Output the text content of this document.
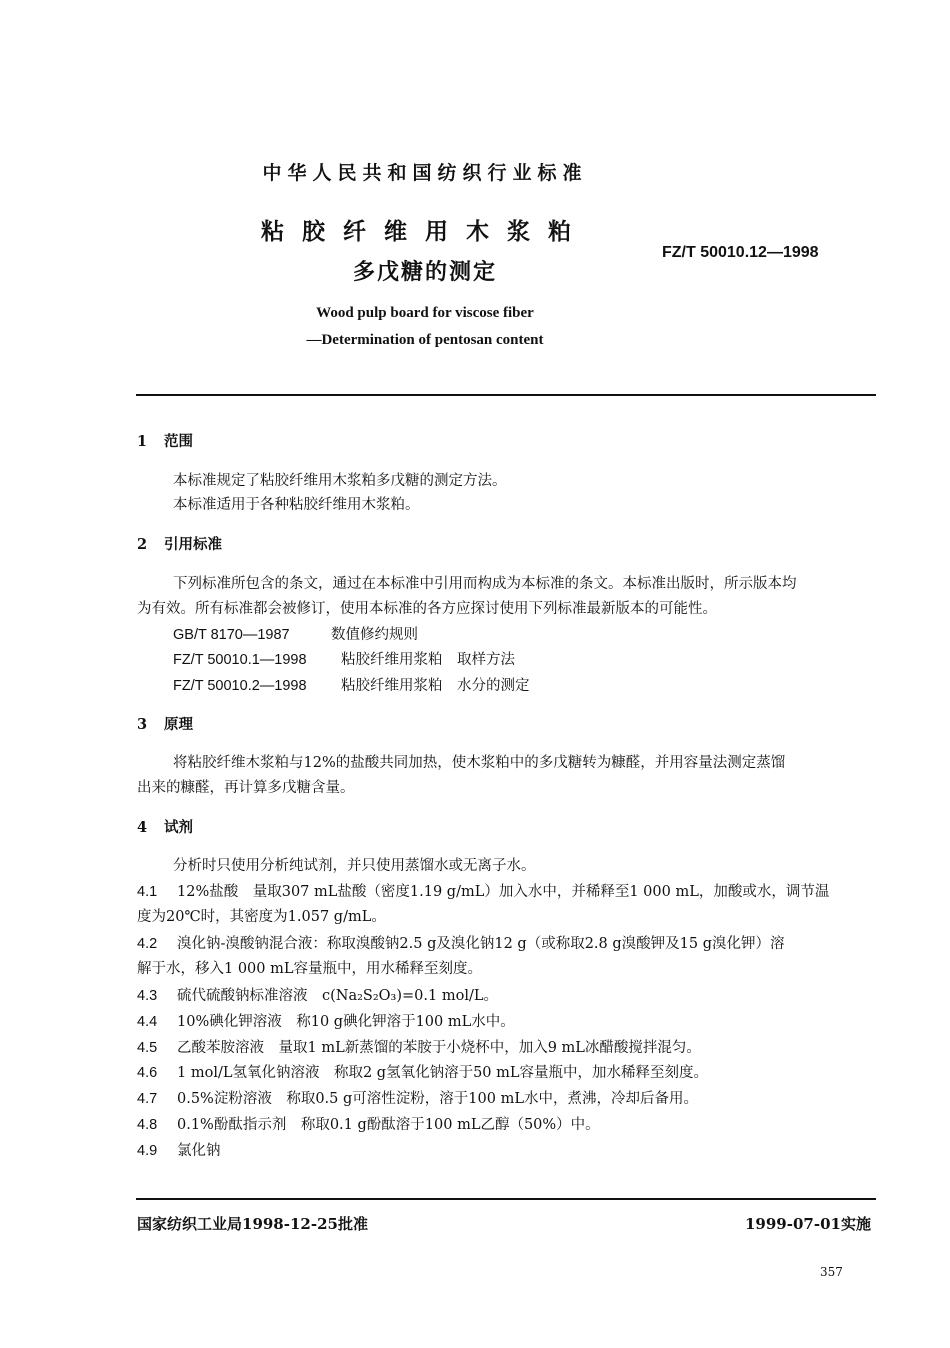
中华人民共和国纺织行业标准
粘胶纤维用木浆粕
多戊糖的测定
FZ/T 50010.12—1998
Wood pulp board for viscose fiber
—Determination of pentosan content
1 范围
本标准规定了粘胶纤维用木浆粕多戊糖的测定方法。
本标准适用于各种粘胶纤维用木浆粕。
2 引用标准
下列标准所包含的条文，通过在本标准中引用而构成为本标准的条文。本标准出版时，所示版本均
为有效。所有标准都会被修订，使用本标准的各方应探讨使用下列标准最新版本的可能性。
GB/T 8170—1987	数值修约规则
FZ/T 50010.1—1998 粘胶纤维用浆粕　取样方法
FZ/T 50010.2—1998 粘胶纤维用浆粕　水分的测定
3 原理
将粘胶纤维木浆粕与12%的盐酸共同加热，使木浆粕中的多戊糖转为糠醛，并用容量法测定蒸馏
出来的糠醛，再计算多戊糖含量。
4 试剂
分析时只使用分析纯试剂，并只使用蒸馏水或无离子水。
4.1 12%盐酸　量取307 mL盐酸（密度1.19 g/mL）加入水中，并稀释至1 000 mL，加酸或水，调节温
度为20℃时，其密度为1.057 g/mL。
4.2 溴化钠-溴酸钠混合液：称取溴酸钠2.5 g及溴化钠12 g（或称取2.8 g溴酸钾及15 g溴化钾）溶
解于水，移入1 000 mL容量瓶中，用水稀释至刻度。
4.3 硫代硫酸钠标准溶液　c(Na₂S₂O₃)=0.1 mol/L。
4.4 10%碘化钾溶液　称10 g碘化钾溶于100 mL水中。
4.5 乙酸苯胺溶液　量取1 mL新蒸馏的苯胺于小烧杯中，加入9 mL冰醋酸搅拌混匀。
4.6 1 mol/L氢氧化钠溶液　称取2 g氢氧化钠溶于50 mL容量瓶中，加水稀释至刻度。
4.7 0.5%淀粉溶液　称取0.5 g可溶性淀粉，溶于100 mL水中，煮沸，冷却后备用。
4.8 0.1%酚酞指示剂　称取0.1 g酚酞溶于100 mL乙醇（50%）中。
4.9 氯化钠
国家纺织工业局1998-12-25批准	1999-07-01实施
357
